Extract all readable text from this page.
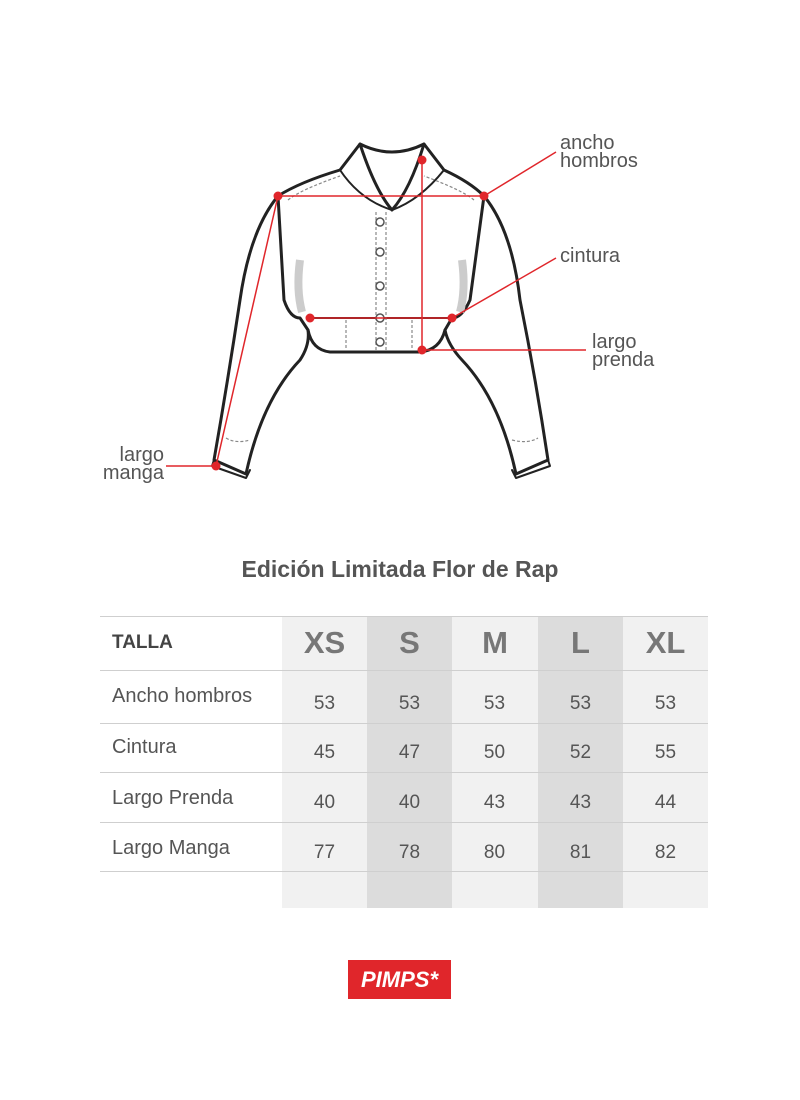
ancho
hombros
cintura
largo
prenda
largo
manga
Edición Limitada Flor de Rap
TALLA	XS	S	M	L	XL
Ancho hombros	53	53	53	53	53
Cintura	45	47	50	52	55
Largo Prenda	40	40	43	43	44
Largo Manga	77	78	80	81	82
PIMPS*
